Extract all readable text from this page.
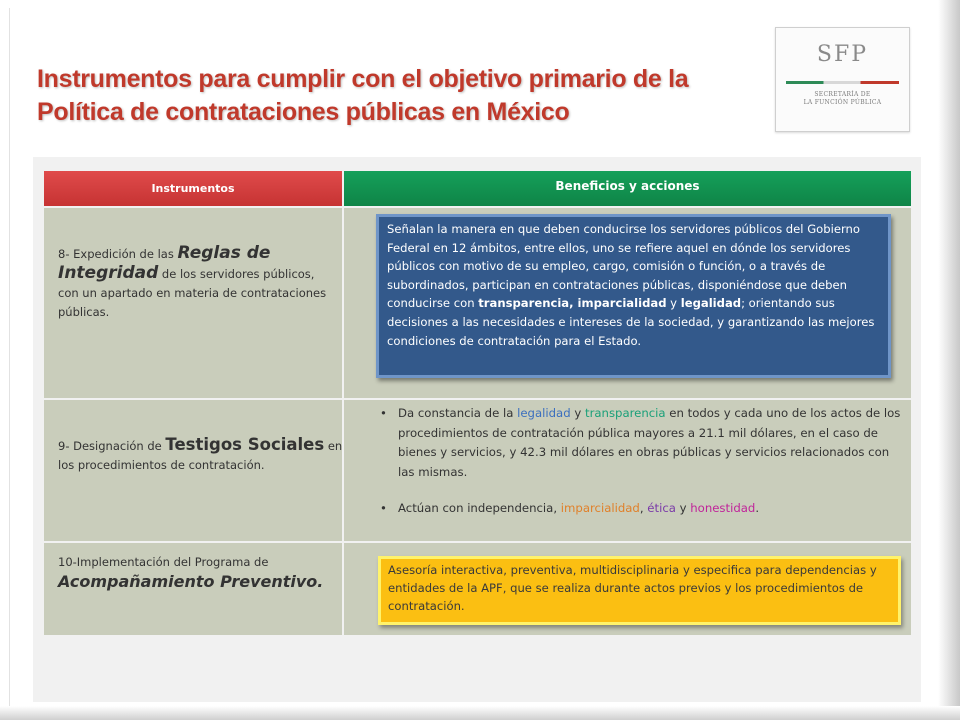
Instrumentos para cumplir con el objetivo primario de la
Política de contrataciones públicas en México
SFP
SECRETARÍA DE
LA FUNCIÓN PÚBLICA
Instrumentos	Beneficios y acciones
8- Expedición de las Reglas de Integridad de los servidores públicos, con un apartado en materia de contrataciones públicas.
9- Designación de Testigos Sociales en los procedimientos de contratación.
10-Implementación del Programa de
Acompañamiento Preventivo.
Señalan la manera en que deben conducirse los servidores públicos del Gobierno Federal en 12 ámbitos, entre ellos, uno se refiere aquel en dónde los servidores públicos con motivo de su empleo, cargo, comisión o función, o a través de subordinados, participan en contrataciones públicas, disponiéndose que deben conducirse con transparencia, imparcialidad y legalidad; orientando sus decisiones a las necesidades e intereses de la sociedad, y garantizando las mejores condiciones de contratación para el Estado.
• Da constancia de la legalidad y transparencia en todos y cada uno de los actos de los procedimientos de contratación pública mayores a 21.1 mil dólares, en el caso de bienes y servicios, y 42.3 mil dólares en obras públicas y servicios relacionados con las mismas.
• Actúan con independencia, imparcialidad, ética y honestidad.
Asesoría interactiva, preventiva, multidisciplinaria y especifica para dependencias y entidades de la APF, que se realiza durante actos previos y los procedimientos de contratación.
